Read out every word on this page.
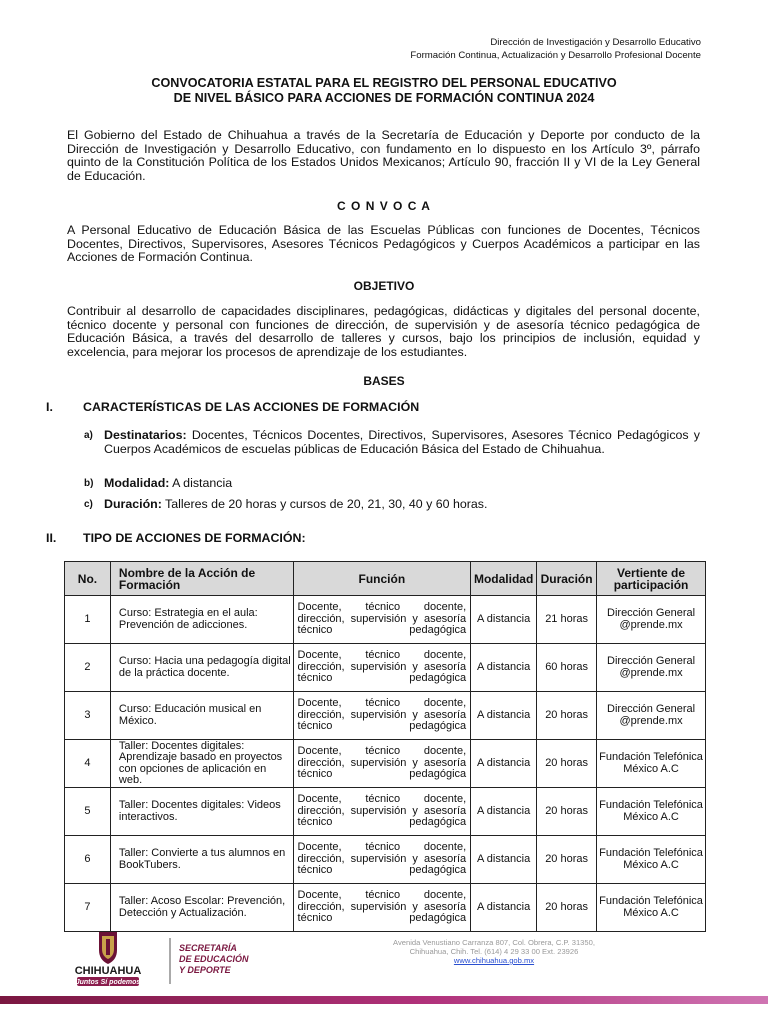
Dirección de Investigación y Desarrollo Educativo
Formación Continua, Actualización y Desarrollo Profesional Docente
CONVOCATORIA ESTATAL PARA EL REGISTRO DEL PERSONAL EDUCATIVO
DE NIVEL BÁSICO PARA ACCIONES DE FORMACIÓN CONTINUA 2024

El Gobierno del Estado de Chihuahua a través de la Secretaría de Educación y Deporte por conducto de la Dirección de Investigación y Desarrollo Educativo, con fundamento en lo dispuesto en los Artículo 3º, párrafo quinto de la Constitución Política de los Estados Unidos Mexicanos; Artículo 90, fracción II y VI de la Ley General de Educación.

C O N V O C A

A Personal Educativo de Educación Básica de las Escuelas Públicas con funciones de Docentes, Técnicos Docentes, Directivos, Supervisores, Asesores Técnicos Pedagógicos y Cuerpos Académicos a participar en las Acciones de Formación Continua.

OBJETIVO

Contribuir al desarrollo de capacidades disciplinares, pedagógicas, didácticas y digitales del personal docente, técnico docente y personal con funciones de dirección, de supervisión y de asesoría técnico pedagógica de Educación Básica, a través del desarrollo de talleres y cursos, bajo los principios de inclusión, equidad y excelencia, para mejorar los procesos de aprendizaje de los estudiantes.

BASES
I. CARACTERÍSTICAS DE LAS ACCIONES DE FORMACIÓN
a) Destinatarios: Docentes, Técnicos Docentes, Directivos, Supervisores, Asesores Técnico Pedagógicos y Cuerpos Académicos de escuelas públicas de Educación Básica del Estado de Chihuahua.
b) Modalidad: A distancia
c) Duración: Talleres de 20 horas y cursos de 20, 21, 30, 40 y 60 horas.
II. TIPO DE ACCIONES DE FORMACIÓN:
No.	Nombre de la Acción de Formación	Función	Modalidad	Duración	Vertiente de participación
1	Curso: Estrategia en el aula: Prevención de adicciones.	Docente, técnico docente, dirección, supervisión y asesoría técnico pedagógica	A distancia	21 horas	Dirección General @prende.mx
2	Curso: Hacia una pedagogía digital de la práctica docente.	Docente, técnico docente, dirección, supervisión y asesoría técnico pedagógica	A distancia	60 horas	Dirección General @prende.mx
3	Curso: Educación musical en México.	Docente, técnico docente, dirección, supervisión y asesoría técnico pedagógica	A distancia	20 horas	Dirección General @prende.mx
4	Taller: Docentes digitales: Aprendizaje basado en proyectos con opciones de aplicación en web.	Docente, técnico docente, dirección, supervisión y asesoría técnico pedagógica	A distancia	20 horas	Fundación Telefónica México A.C
5	Taller: Docentes digitales: Videos interactivos.	Docente, técnico docente, dirección, supervisión y asesoría técnico pedagógica	A distancia	20 horas	Fundación Telefónica México A.C
6	Taller: Convierte a tus alumnos en BookTubers.	Docente, técnico docente, dirección, supervisión y asesoría técnico pedagógica	A distancia	20 horas	Fundación Telefónica México A.C
7	Taller: Acoso Escolar: Prevención, Detección y Actualización.	Docente, técnico docente, dirección, supervisión y asesoría técnico pedagógica	A distancia	20 horas	Fundación Telefónica México A.C
CHIHUAHUA
Juntos Sí podemos
SECRETARÍA
DE EDUCACIÓN
Y DEPORTE
Avenida Venustiano Carranza 807, Col. Obrera, C.P. 31350,
Chihuahua, Chih. Tel. (614) 4 29 33 00 Ext. 23926
www.chihuahua.gob.mx
